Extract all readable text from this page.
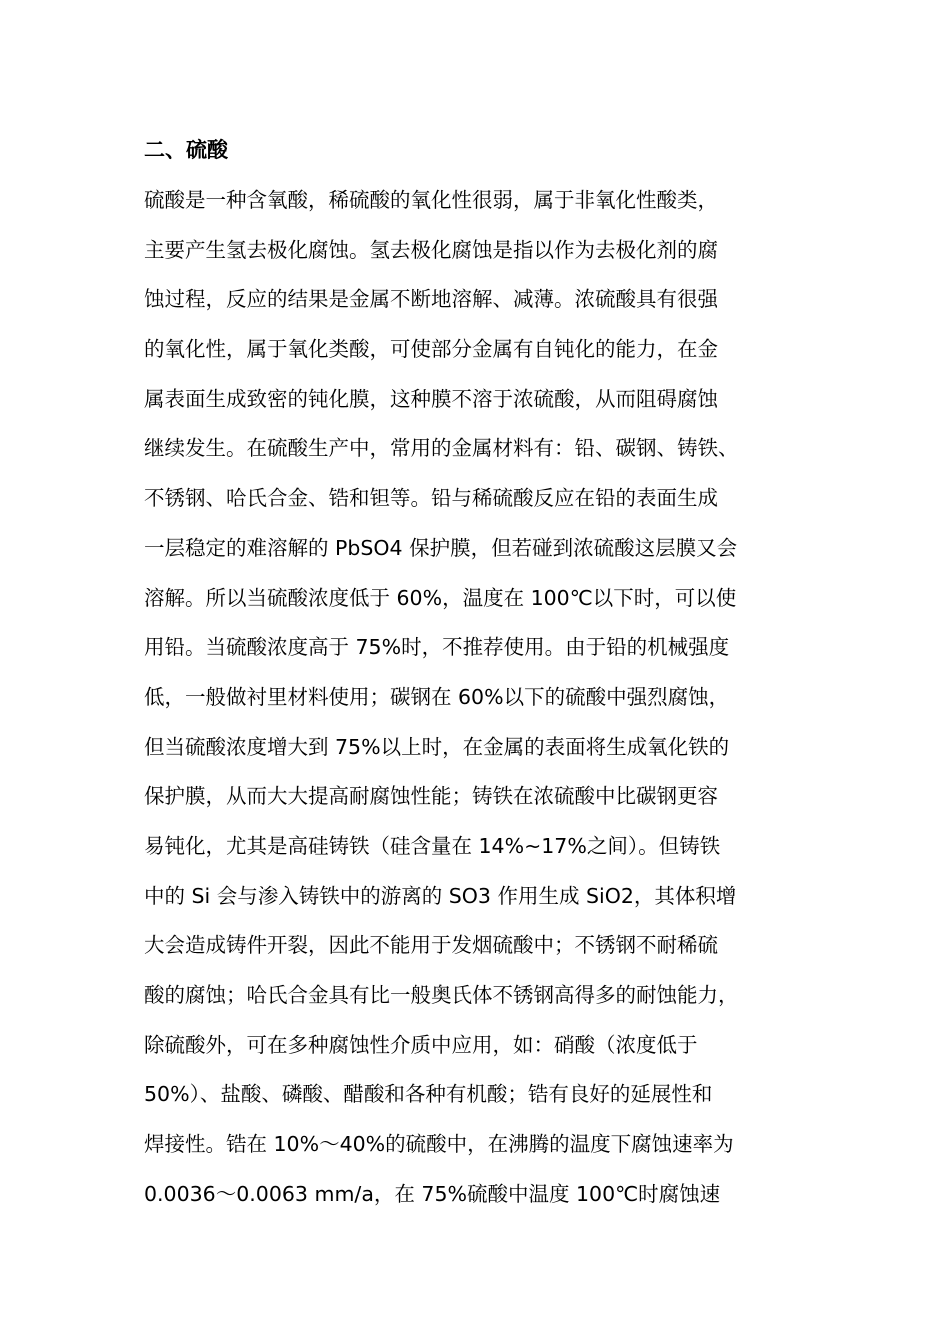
二、硫酸
硫酸是一种含氧酸，稀硫酸的氧化性很弱，属于非氧化性酸类，
主要产生氢去极化腐蚀。氢去极化腐蚀是指以作为去极化剂的腐
蚀过程，反应的结果是金属不断地溶解、减薄。浓硫酸具有很强
的氧化性，属于氧化类酸，可使部分金属有自钝化的能力，在金
属表面生成致密的钝化膜，这种膜不溶于浓硫酸，从而阻碍腐蚀
继续发生。在硫酸生产中，常用的金属材料有：铅、碳钢、铸铁、
不锈钢、哈氏合金、锆和钽等。铅与稀硫酸反应在铅的表面生成
一层稳定的难溶解的 PbSO4 保护膜，但若碰到浓硫酸这层膜又会
溶解。所以当硫酸浓度低于 60%，温度在 100℃以下时，可以使
用铅。当硫酸浓度高于 75%时，不推荐使用。由于铅的机械强度
低，一般做衬里材料使用；碳钢在 60%以下的硫酸中强烈腐蚀，
但当硫酸浓度增大到 75%以上时，在金属的表面将生成氧化铁的
保护膜，从而大大提高耐腐蚀性能；铸铁在浓硫酸中比碳钢更容
易钝化，尤其是高硅铸铁（硅含量在 14%~17%之间）。但铸铁
中的 Si 会与渗入铸铁中的游离的 SO3 作用生成 SiO2，其体积增
大会造成铸件开裂，因此不能用于发烟硫酸中；不锈钢不耐稀硫
酸的腐蚀；哈氏合金具有比一般奥氏体不锈钢高得多的耐蚀能力，
除硫酸外，可在多种腐蚀性介质中应用，如：硝酸（浓度低于
50%）、盐酸、磷酸、醋酸和各种有机酸；锆有良好的延展性和
焊接性。锆在 10%～40%的硫酸中，在沸腾的温度下腐蚀速率为
0.0036～0.0063 mm/a，在 75%硫酸中温度 100℃时腐蚀速
